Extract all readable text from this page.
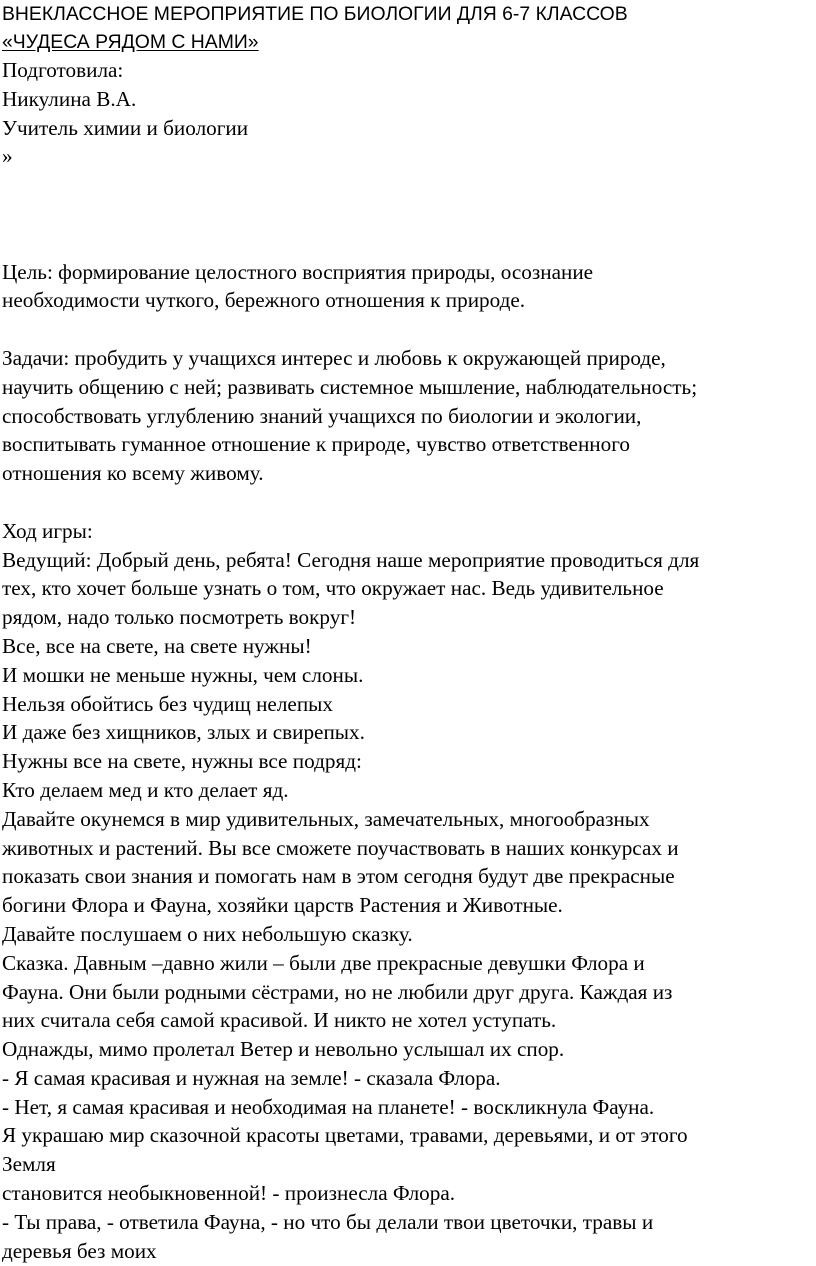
ВНЕКЛАССНОЕ МЕРОПРИЯТИЕ ПО БИОЛОГИИ ДЛЯ 6-7 КЛАССОВ
«ЧУДЕСА РЯДОМ С НАМИ»
Подготовила:
Никулина В.А.
Учитель химии и биологии
»
Цель: формирование целостного восприятия природы, осознание
необходимости чуткого, бережного отношения к природе.
Задачи: пробудить у учащихся интерес и любовь к окружающей природе,
научить общению с ней; развивать системное мышление, наблюдательность;
способствовать углублению знаний учащихся по биологии и экологии,
воспитывать гуманное отношение к природе, чувство ответственного
отношения ко всему живому.
Ход игры:
Ведущий: Добрый день, ребята! Сегодня наше мероприятие проводиться для
тех, кто хочет больше узнать о том, что окружает нас. Ведь удивительное
рядом, надо только посмотреть вокруг!
Все, все на свете, на свете нужны!
И мошки не меньше нужны, чем слоны.
Нельзя обойтись без чудищ нелепых
И даже без хищников, злых и свирепых.
Нужны все на свете, нужны все подряд:
Кто делаем мед и кто делает яд.
Давайте окунемся в мир удивительных, замечательных, многообразных
животных и растений. Вы все сможете поучаствовать в наших конкурсах и
показать свои знания и помогать нам в этом сегодня будут две прекрасные
богини Флора и Фауна, хозяйки царств Растения и Животные.
Давайте послушаем о них небольшую сказку.
Сказка. Давным –давно жили – были две прекрасные девушки Флора и
Фауна. Они были родными сёстрами, но не любили друг друга. Каждая из
них считала себя самой красивой. И никто не хотел уступать.
Однажды, мимо пролетал Ветер и невольно услышал их спор.
- Я самая красивая и нужная на земле! - сказала Флора.
- Нет, я самая красивая и необходимая на планете! - воскликнула Фауна.
Я украшаю мир сказочной красоты цветами, травами, деревьями, и от этого
Земля
становится необыкновенной! - произнесла Флора.
- Ты права, - ответила Фауна, - но что бы делали твои цветочки, травы и
деревья без моих
